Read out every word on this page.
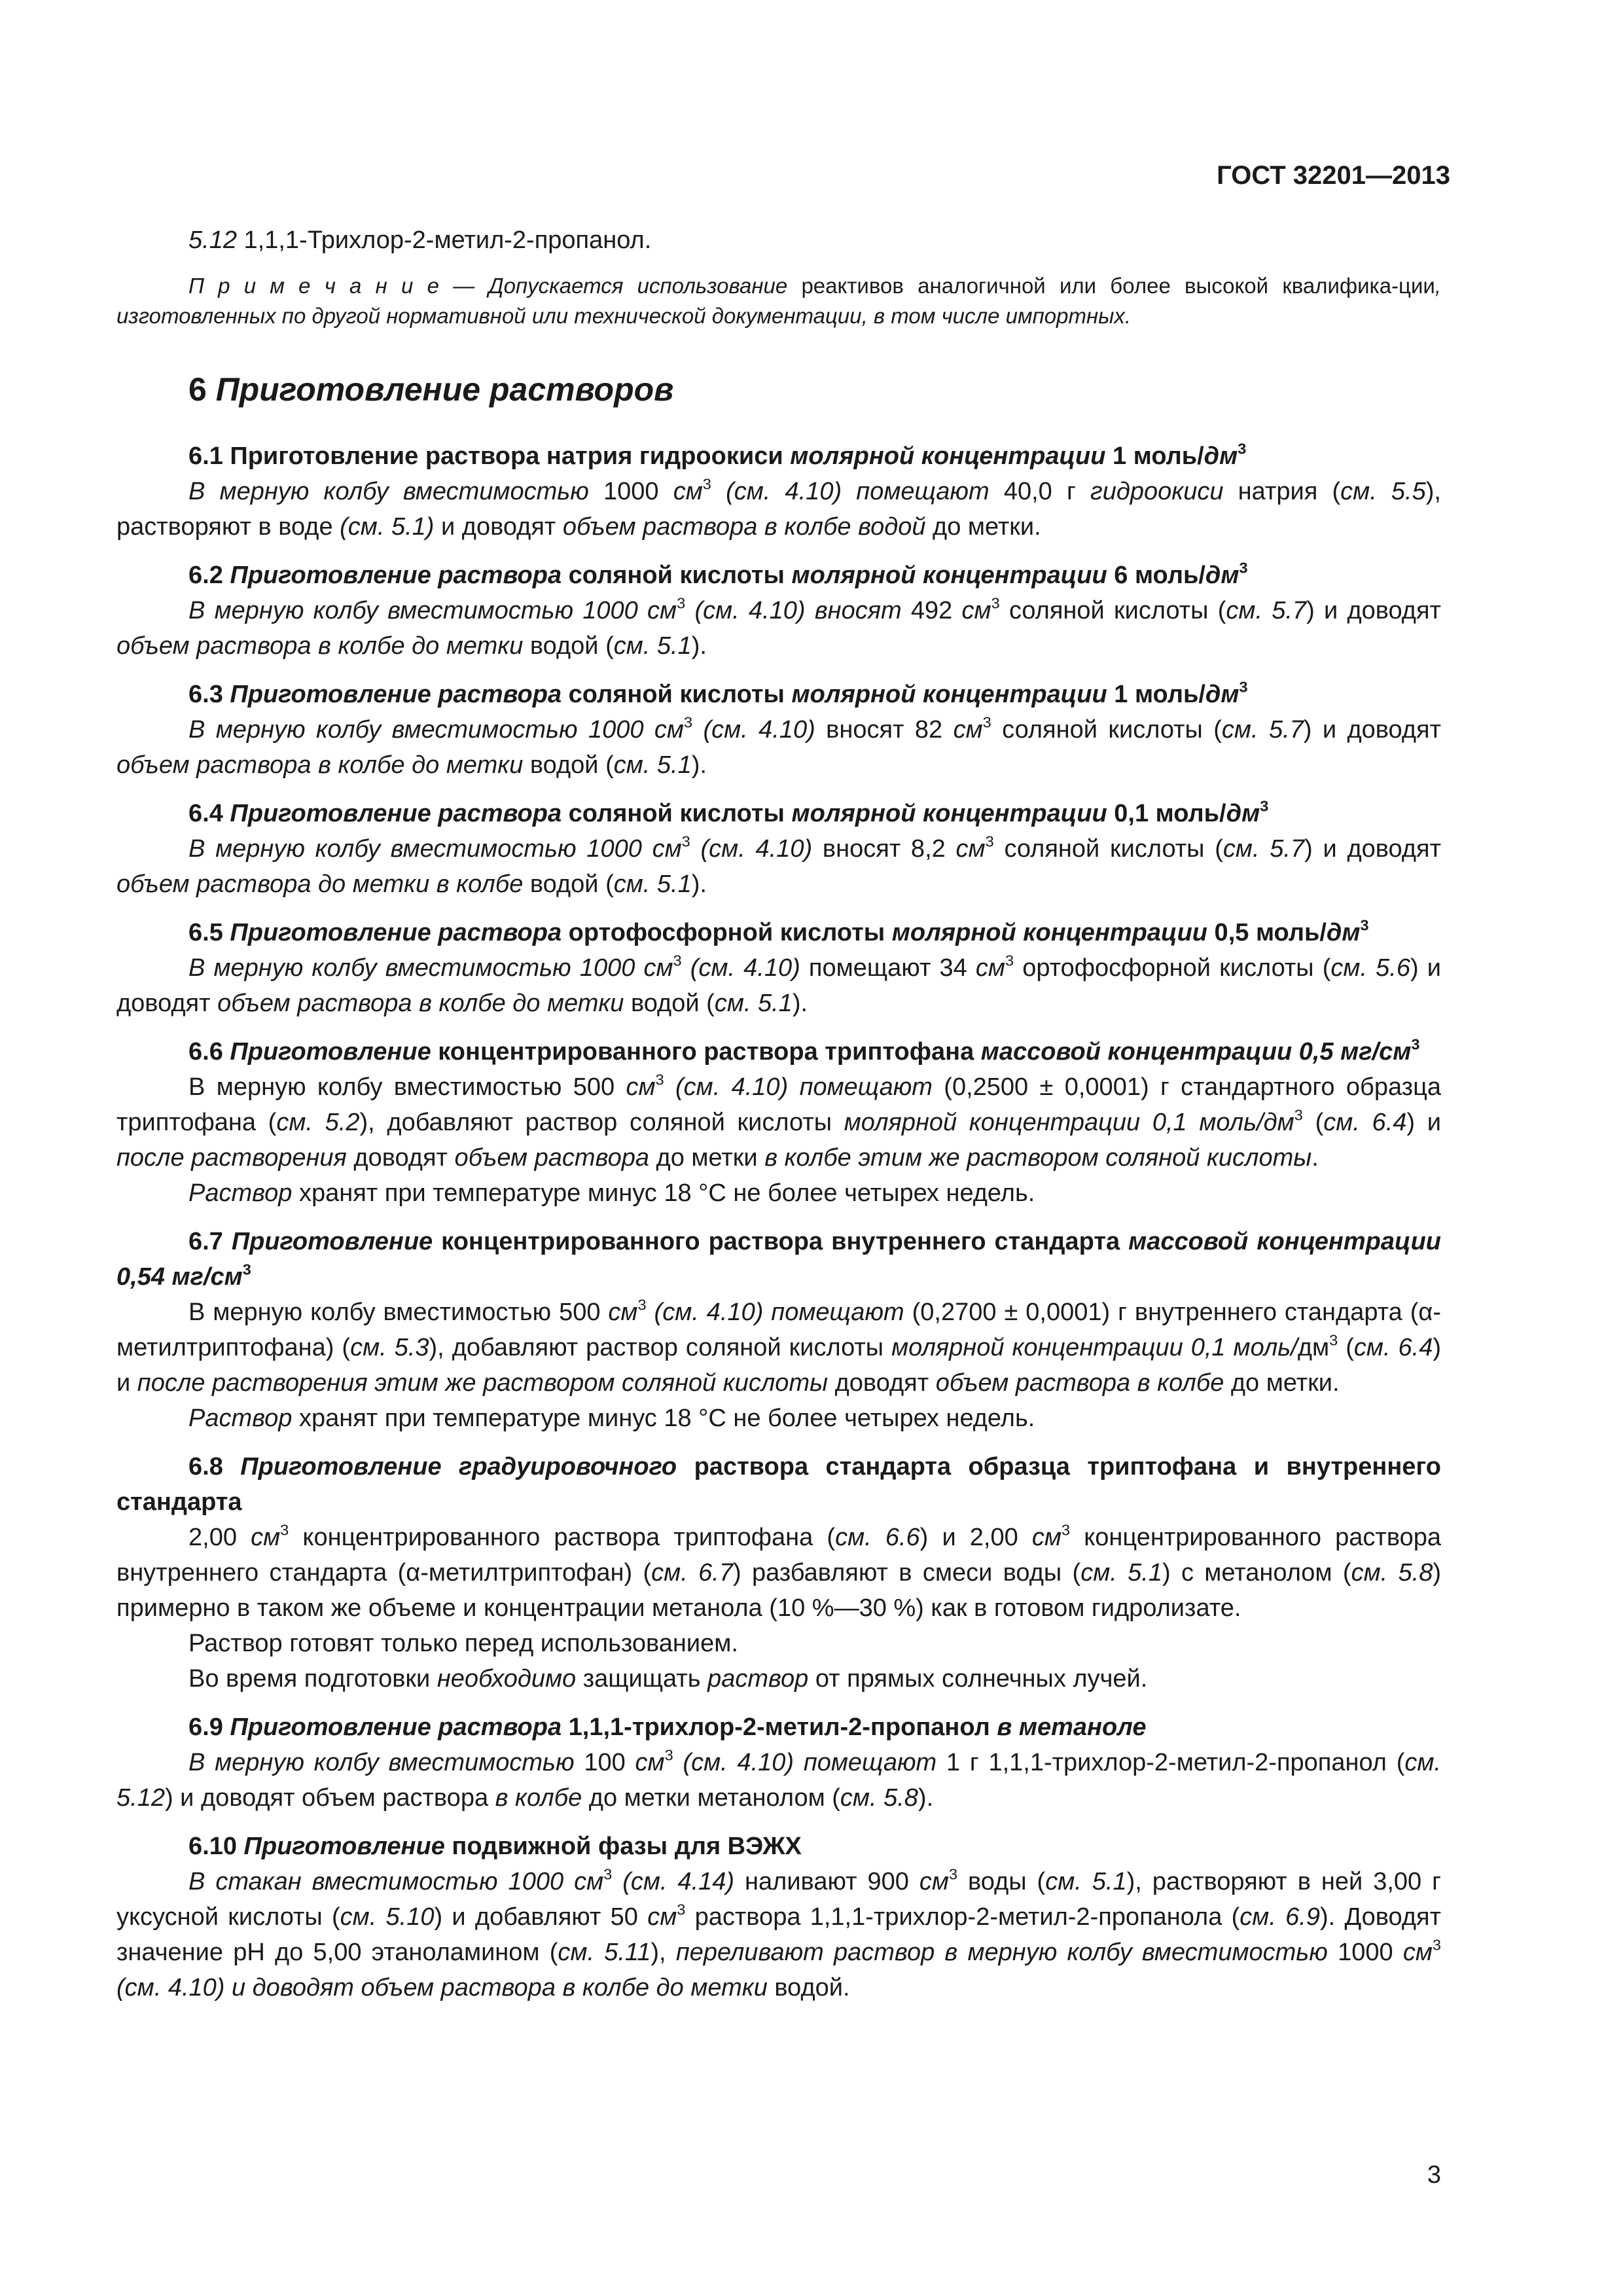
ГОСТ 32201—2013

5.12 1,1,1-Трихлор-2-метил-2-пропанол.

П р и м е ч а н и е — Допускается использование реактивов аналогичной или более высокой квалифика-ции, изготовленных по другой нормативной или технической документации, в том числе импортных.

6 Приготовление растворов

6.1 Приготовление раствора натрия гидроокиси молярной концентрации 1 моль/$дм^3$

В мерную колбу вместимостью 1000 $см^3$ (см. 4.10) помещают 40,0 г гидроокиси натрия (см. 5.5), растворяют в воде (см. 5.1) и доводят объем раствора в колбе водой до метки.

6.2 Приготовление раствора соляной кислоты молярной концентрации 6 моль/$дм^3$

В мерную колбу вместимостью 1000 $см^3$ (см. 4.10) вносят 492 $см^3$ соляной кислоты (см. 5.7) и доводят объем раствора в колбе до метки водой (см. 5.1).

6.3 Приготовление раствора соляной кислоты молярной концентрации 1 моль/$дм^3$

В мерную колбу вместимостью 1000 $см^3$ (см. 4.10) вносят 82 $см^3$ соляной кислоты (см. 5.7) и доводят объем раствора в колбе до метки водой (см. 5.1).

6.4 Приготовление раствора соляной кислоты молярной концентрации 0,1 моль/$дм^3$

В мерную колбу вместимостью 1000 $см^3$ (см. 4.10) вносят 8,2 $см^3$ соляной кислоты (см. 5.7) и доводят объем раствора до метки в колбе водой (см. 5.1).

6.5 Приготовление раствора ортофосфорной кислоты молярной концентрации 0,5 моль/$дм^3$

В мерную колбу вместимостью 1000 $см^3$ (см. 4.10) помещают 34 $см^3$ ортофосфорной кислоты (см. 5.6) и доводят объем раствора в колбе до метки водой (см. 5.1).

6.6 Приготовление концентрированного раствора триптофана массовой концентрации 0,5 $мг/см^3$

В мерную колбу вместимостью 500 $см^3$ (см. 4.10) помещают (0,2500 ± 0,0001) г стандартного образца триптофана (см. 5.2), добавляют раствор соляной кислоты молярной концентрации 0,1 моль/$дм^3$ (см. 6.4) и после растворения доводят объем раствора до метки в колбе этим же раствором соляной кислоты.

Раствор хранят при температуре минус 18 °C не более четырех недель.

6.7 Приготовление концентрированного раствора внутреннего стандарта массовой концентрации 0,54 $мг/см^3$

В мерную колбу вместимостью 500 $см^3$ (см. 4.10) помещают (0,2700 ± 0,0001) г внутреннего стандарта (α-метилтриптофана) (см. 5.3), добавляют раствор соляной кислоты молярной концентрации 0,1 моль/$дм^3$ (см. 6.4) и после растворения этим же раствором соляной кислоты доводят объем раствора в колбе до метки.

Раствор хранят при температуре минус 18 °C не более четырех недель.

6.8 Приготовление градуировочного раствора стандарта образца триптофана и внутреннего стандарта

2,00 $см^3$ концентрированного раствора триптофана (см. 6.6) и 2,00 $см^3$ концентрированного раствора внутреннего стандарта (α-метилтриптофан) (см. 6.7) разбавляют в смеси воды (см. 5.1) с метанолом (см. 5.8) примерно в таком же объеме и концентрации метанола (10 %—30 %) как в готовом гидролизате.

Раствор готовят только перед использованием.

Во время подготовки необходимо защищать раствор от прямых солнечных лучей.

6.9 Приготовление раствора 1,1,1-трихлор-2-метил-2-пропанол в метаноле

В мерную колбу вместимостью 100 $см^3$ (см. 4.10) помещают 1 г 1,1,1-трихлор-2-метил-2-пропанол (см. 5.12) и доводят объем раствора в колбе до метки метанолом (см. 5.8).

6.10 Приготовление подвижной фазы для ВЭЖХ

В стакан вместимостью 1000 $см^3$ (см. 4.14) наливают 900 $см^3$ воды (см. 5.1), растворяют в ней 3,00 г уксусной кислоты (см. 5.10) и добавляют 50 $см^3$ раствора 1,1,1-трихлор-2-метил-2-пропанола (см. 6.9). Доводят значение pH до 5,00 этаноламином (см. 5.11), переливают раствор в мерную колбу вместимостью 1000 $см^3$ (см. 4.10) и доводят объем раствора в колбе до метки водой.

3
